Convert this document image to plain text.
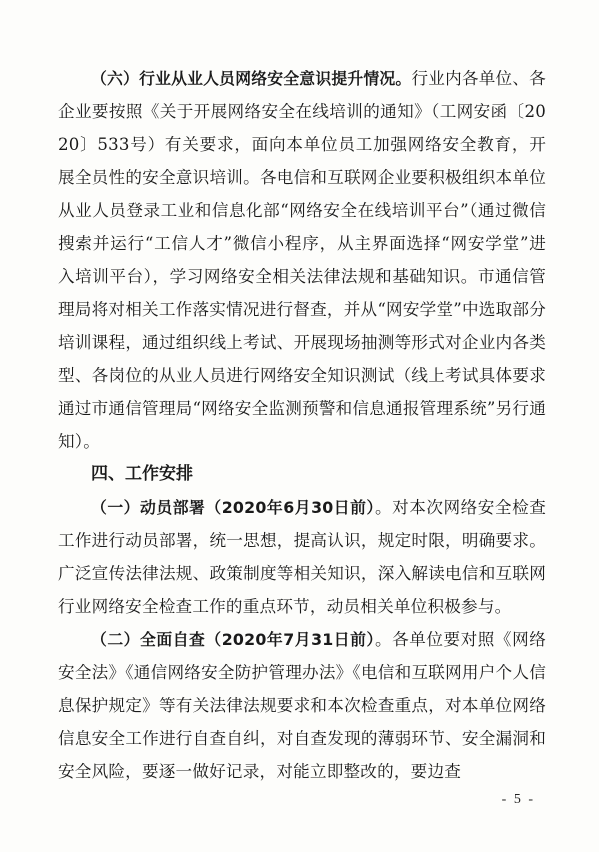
（六）行业从业人员网络安全意识提升情况。行业内各单位、各企业要按照《关于开展网络安全在线培训的通知》（工网安函〔2020〕533号）有关要求，面向本单位员工加强网络安全教育，开展全员性的安全意识培训。各电信和互联网企业要积极组织本单位从业人员登录工业和信息化部“网络安全在线培训平台”（通过微信搜索并运行“工信人才”微信小程序，从主界面选择“网安学堂”进入培训平台），学习网络安全相关法律法规和基础知识。市通信管理局将对相关工作落实情况进行督查，并从“网安学堂”中选取部分培训课程，通过组织线上考试、开展现场抽测等形式对企业内各类型、各岗位的从业人员进行网络安全知识测试（线上考试具体要求通过市通信管理局“网络安全监测预警和信息通报管理系统”另行通知）。

四、工作安排

（一）动员部署（2020年6月30日前）。对本次网络安全检查工作进行动员部署，统一思想，提高认识，规定时限，明确要求。广泛宣传法律法规、政策制度等相关知识，深入解读电信和互联网行业网络安全检查工作的重点环节，动员相关单位积极参与。

（二）全面自查（2020年7月31日前）。各单位要对照《网络安全法》《通信网络安全防护管理办法》《电信和互联网用户个人信息保护规定》等有关法律法规要求和本次检查重点，对本单位网络信息安全工作进行自查自纠，对自查发现的薄弱环节、安全漏洞和安全风险，要逐一做好记录，对能立即整改的，要边查

- 5 -
